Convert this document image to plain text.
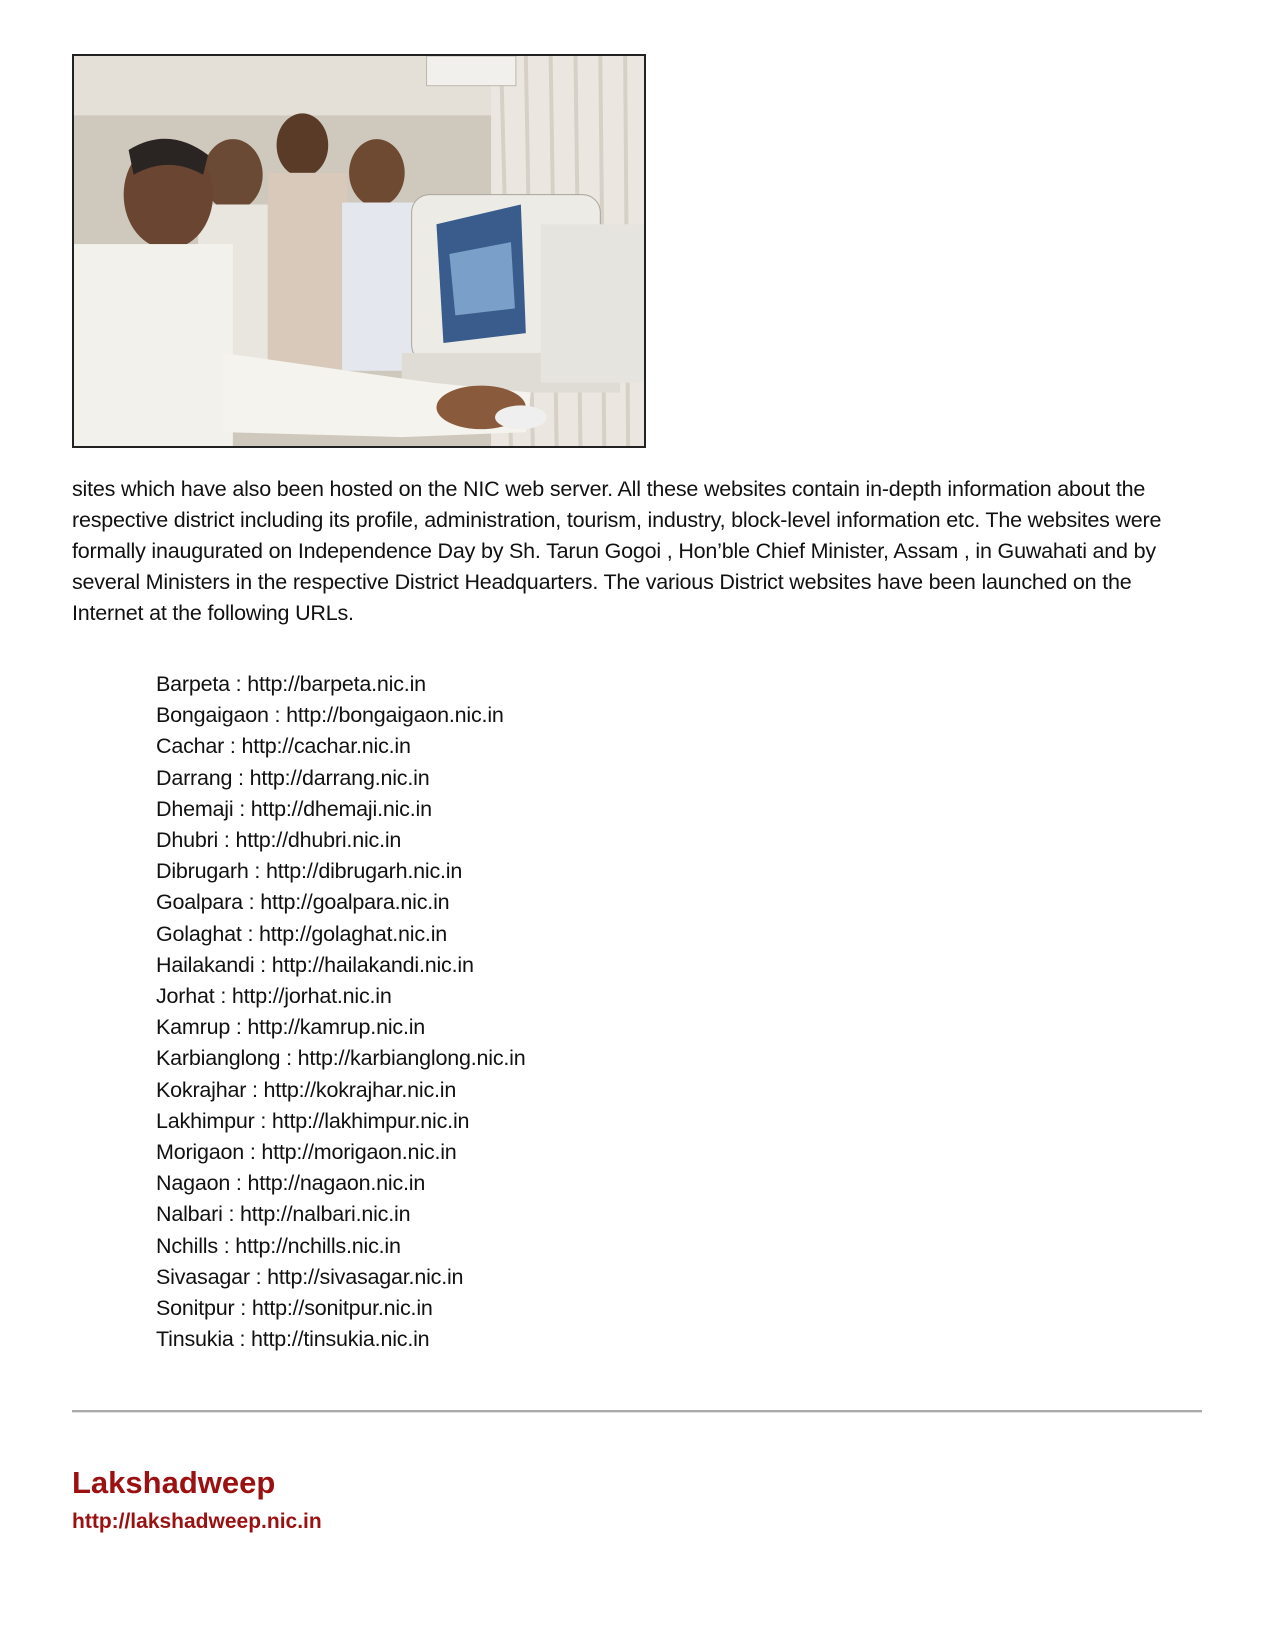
sites which have also been hosted on the NIC web server. All these websites contain in-depth information about the respective district including its profile, administration, tourism, industry, block-level information etc. The websites were formally inaugurated on Independence Day by Sh. Tarun Gogoi , Hon’ble Chief Minister, Assam , in Guwahati and by several Ministers in the respective District Headquarters. The various District websites have been launched on the Internet at the following URLs.

Barpeta : http://barpeta.nic.in
Bongaigaon : http://bongaigaon.nic.in
Cachar : http://cachar.nic.in
Darrang : http://darrang.nic.in
Dhemaji : http://dhemaji.nic.in
Dhubri : http://dhubri.nic.in
Dibrugarh : http://dibrugarh.nic.in
Goalpara : http://goalpara.nic.in
Golaghat : http://golaghat.nic.in
Hailakandi : http://hailakandi.nic.in
Jorhat : http://jorhat.nic.in
Kamrup : http://kamrup.nic.in
Karbianglong : http://karbianglong.nic.in
Kokrajhar : http://kokrajhar.nic.in
Lakhimpur : http://lakhimpur.nic.in
Morigaon : http://morigaon.nic.in
Nagaon : http://nagaon.nic.in
Nalbari : http://nalbari.nic.in
Nchills : http://nchills.nic.in
Sivasagar : http://sivasagar.nic.in
Sonitpur : http://sonitpur.nic.in
Tinsukia : http://tinsukia.nic.in
Lakshadweep
http://lakshadweep.nic.in
